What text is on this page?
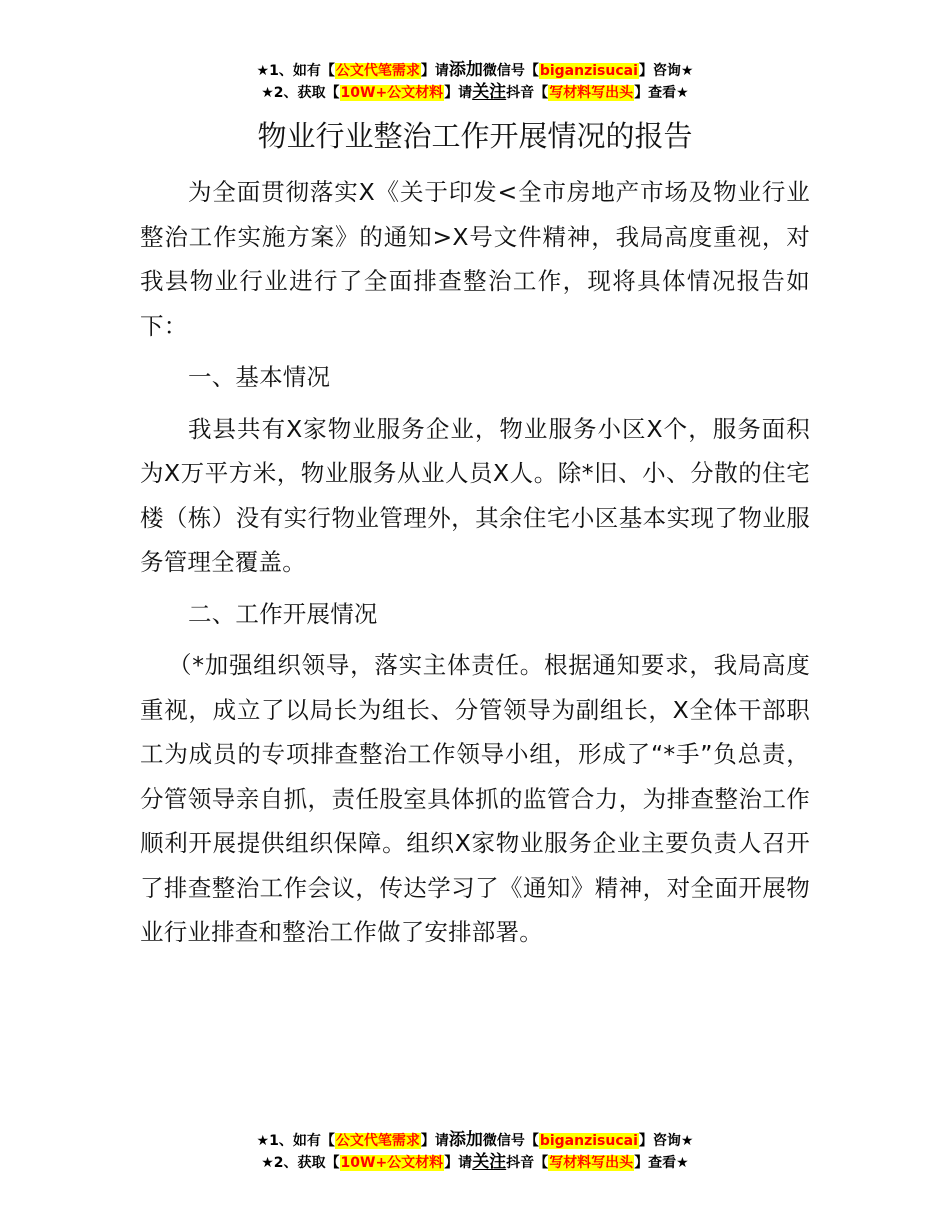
★1、如有【公文代笔需求】请添加微信号【biganzisucai】咨询★
★2、获取【10W+公文材料】请关注抖音【写材料写出头】查看★
物业行业整治工作开展情况的报告

为全面贯彻落实X《关于印发<全市房地产市场及物业行业整治工作实施方案》的通知>X号文件精神，我局高度重视，对我县物业行业进行了全面排查整治工作，现将具体情况报告如下：

一、基本情况

我县共有X家物业服务企业，物业服务小区X个，服务面积为X万平方米，物业服务从业人员X人。除*旧、小、分散的住宅楼（栋）没有实行物业管理外，其余住宅小区基本实现了物业服务管理全覆盖。

二、工作开展情况

（*加强组织领导，落实主体责任。根据通知要求，我局高度重视，成立了以局长为组长、分管领导为副组长，X全体干部职工为成员的专项排查整治工作领导小组，形成了“*手”负总责，分管领导亲自抓，责任股室具体抓的监管合力，为排查整治工作顺利开展提供组织保障。组织X家物业服务企业主要负责人召开了排查整治工作会议，传达学习了《通知》精神，对全面开展物业行业排查和整治工作做了安排部署。

★1、如有【公文代笔需求】请添加微信号【biganzisucai】咨询★
★2、获取【10W+公文材料】请关注抖音【写材料写出头】查看★
